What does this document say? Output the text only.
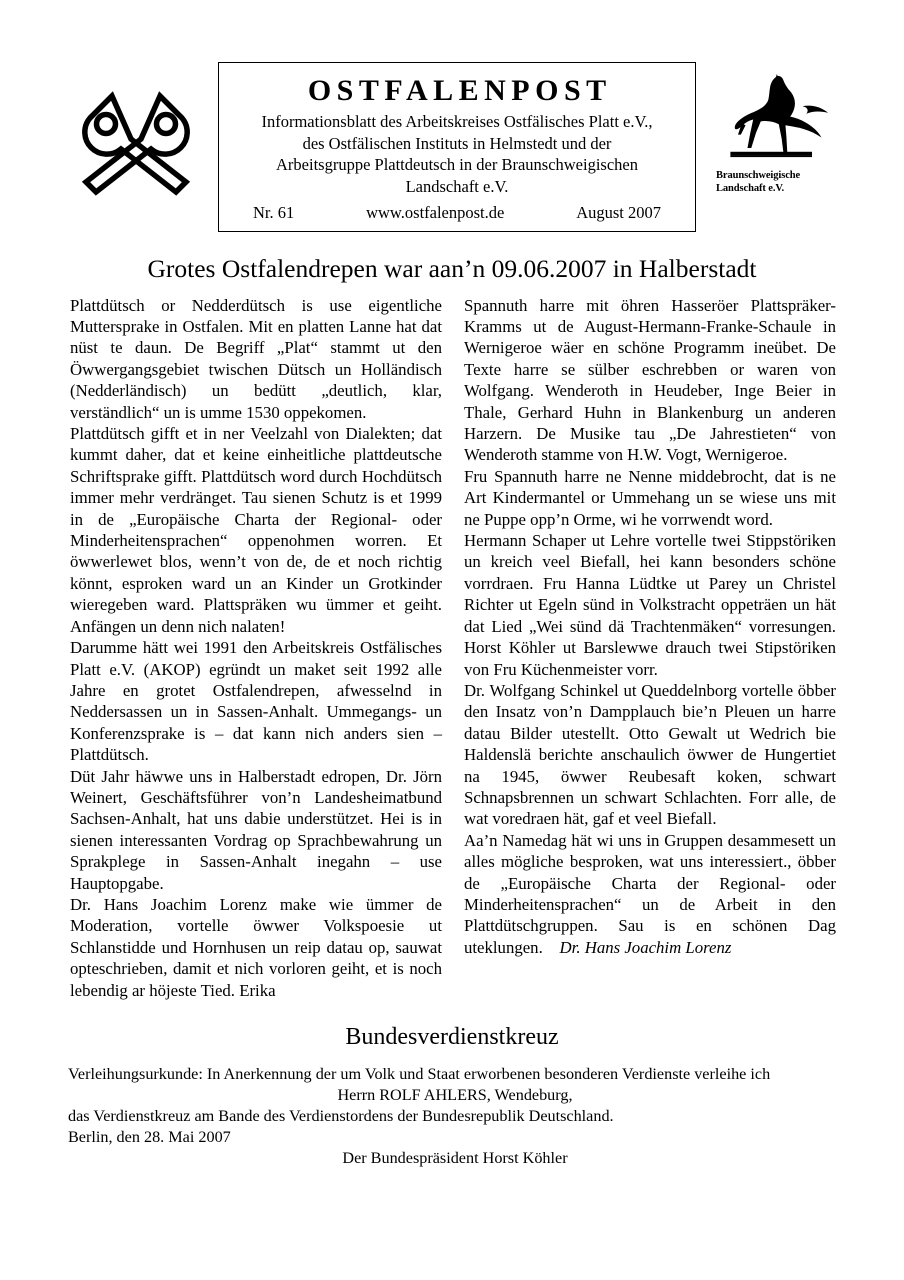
OSTFALENPOST
Informationsblatt des Arbeitskreises Ostfälisches Platt e.V.,
des Ostfälischen Instituts in Helmstedt und der
Arbeitsgruppe Plattdeutsch in der Braunschweigischen
Landschaft e.V.
Nr. 61	www.ostfalenpost.de	August 2007
Braunschweigische
Landschaft e.V.
Grotes Ostfalendrepen war aan’n 09.06.2007 in Halberstadt

Plattdütsch or Nedderdütsch is use eigentliche Muttersprake in Ostfalen. Mit en platten Lanne hat dat nüst te daun. De Begriff „Plat“ stammt ut den Öwwergangsgebiet twischen Dütsch un Holländisch (Nedderländisch) un bedütt „deutlich, klar, verständlich“ un is umme 1530 oppekomen.

Plattdütsch gifft et in ner Veelzahl von Dialekten; dat kummt daher, dat et keine einheitliche plattdeutsche Schriftsprake gifft. Plattdütsch word durch Hochdütsch immer mehr verdränget. Tau sienen Schutz is et 1999 in de „Europäische Charta der Regional- oder Minderheitensprachen“ oppenohmen worren. Et öwwerlewet blos, wenn’t von de, de et noch richtig könnt, esproken ward un an Kinder un Grotkinder wieregeben ward. Plattspräken wu ümmer et geiht. Anfängen un denn nich nalaten!

Darumme hätt wei 1991 den Arbeitskreis Ostfälisches Platt e.V. (AKOP) egründt un maket seit 1992 alle Jahre en grotet Ostfalendrepen, afwesselnd in Neddersassen un in Sassen-Anhalt. Ummegangs- un Konferenzsprake is – dat kann nich anders sien – Plattdütsch.

Düt Jahr häwwe uns in Halberstadt edropen, Dr. Jörn Weinert, Geschäftsführer von’n Landesheimatbund Sachsen-Anhalt, hat uns dabie understützet. Hei is in sienen interessanten Vordrag op Sprachbewahrung un Sprakplege in Sassen-Anhalt inegahn – use Hauptopgabe.

Dr. Hans Joachim Lorenz make wie ümmer de Moderation, vortelle öwwer Volkspoesie ut Schlanstidde und Hornhusen un reip datau op, sauwat opteschrieben, damit et nich vorloren geiht, et is noch lebendig ar höjeste Tied. Erika

Spannuth harre mit öhren Hasseröer Plattspräker-Kramms ut de August-Hermann-Franke-Schaule in Wernigeroe wäer en schöne Programm ineübet. De Texte harre se sülber eschrebben or waren von Wolfgang. Wenderoth in Heudeber, Inge Beier in Thale, Gerhard Huhn in Blankenburg un anderen Harzern. De Musike tau „De Jahrestieten“ von Wenderoth stamme von H.W. Vogt, Wernigeroe.

Fru Spannuth harre ne Nenne middebrocht, dat is ne Art Kindermantel or Ummehang un se wiese uns mit ne Puppe opp’n Orme, wi he vorrwendt word.

Hermann Schaper ut Lehre vortelle twei Stippstöriken un kreich veel Biefall, hei kann besonders schöne vorrdraen. Fru Hanna Lüdtke ut Parey un Christel Richter ut Egeln sünd in Volkstracht oppeträen un hät dat Lied „Wei sünd dä Trachtenmäken“ vorresungen. Horst Köhler ut Barslewwe drauch twei Stipstöriken von Fru Küchenmeister vorr.

Dr. Wolfgang Schinkel ut Queddelnborg vortelle öbber den Insatz von’n Dampplauch bie’n Pleuen un harre datau Bilder utestellt. Otto Gewalt ut Wedrich bie Haldenslä berichte anschaulich öwwer de Hungertiet na 1945, öwwer Reubesaft koken, schwart Schnapsbrennen un schwart Schlachten. Forr alle, de wat voredraen hät, gaf et veel Biefall.

Aa’n Namedag hät wi uns in Gruppen desammesett un alles mögliche besproken, wat uns interessiert., öbber de „Europäische Charta der Regional- oder Minderheitensprachen“ un de Arbeit in den Plattdütschgruppen. Sau is en schönen Dag uteklungen. Dr. Hans Joachim Lorenz

Bundesverdienstkreuz

Verleihungsurkunde: In Anerkennung der um Volk und Staat erworbenen besonderen Verdienste verleihe ich

Herrn ROLF AHLERS, Wendeburg,

das Verdienstkreuz am Bande des Verdienstordens der Bundesrepublik Deutschland.

Berlin, den 28. Mai 2007

Der Bundespräsident Horst Köhler
